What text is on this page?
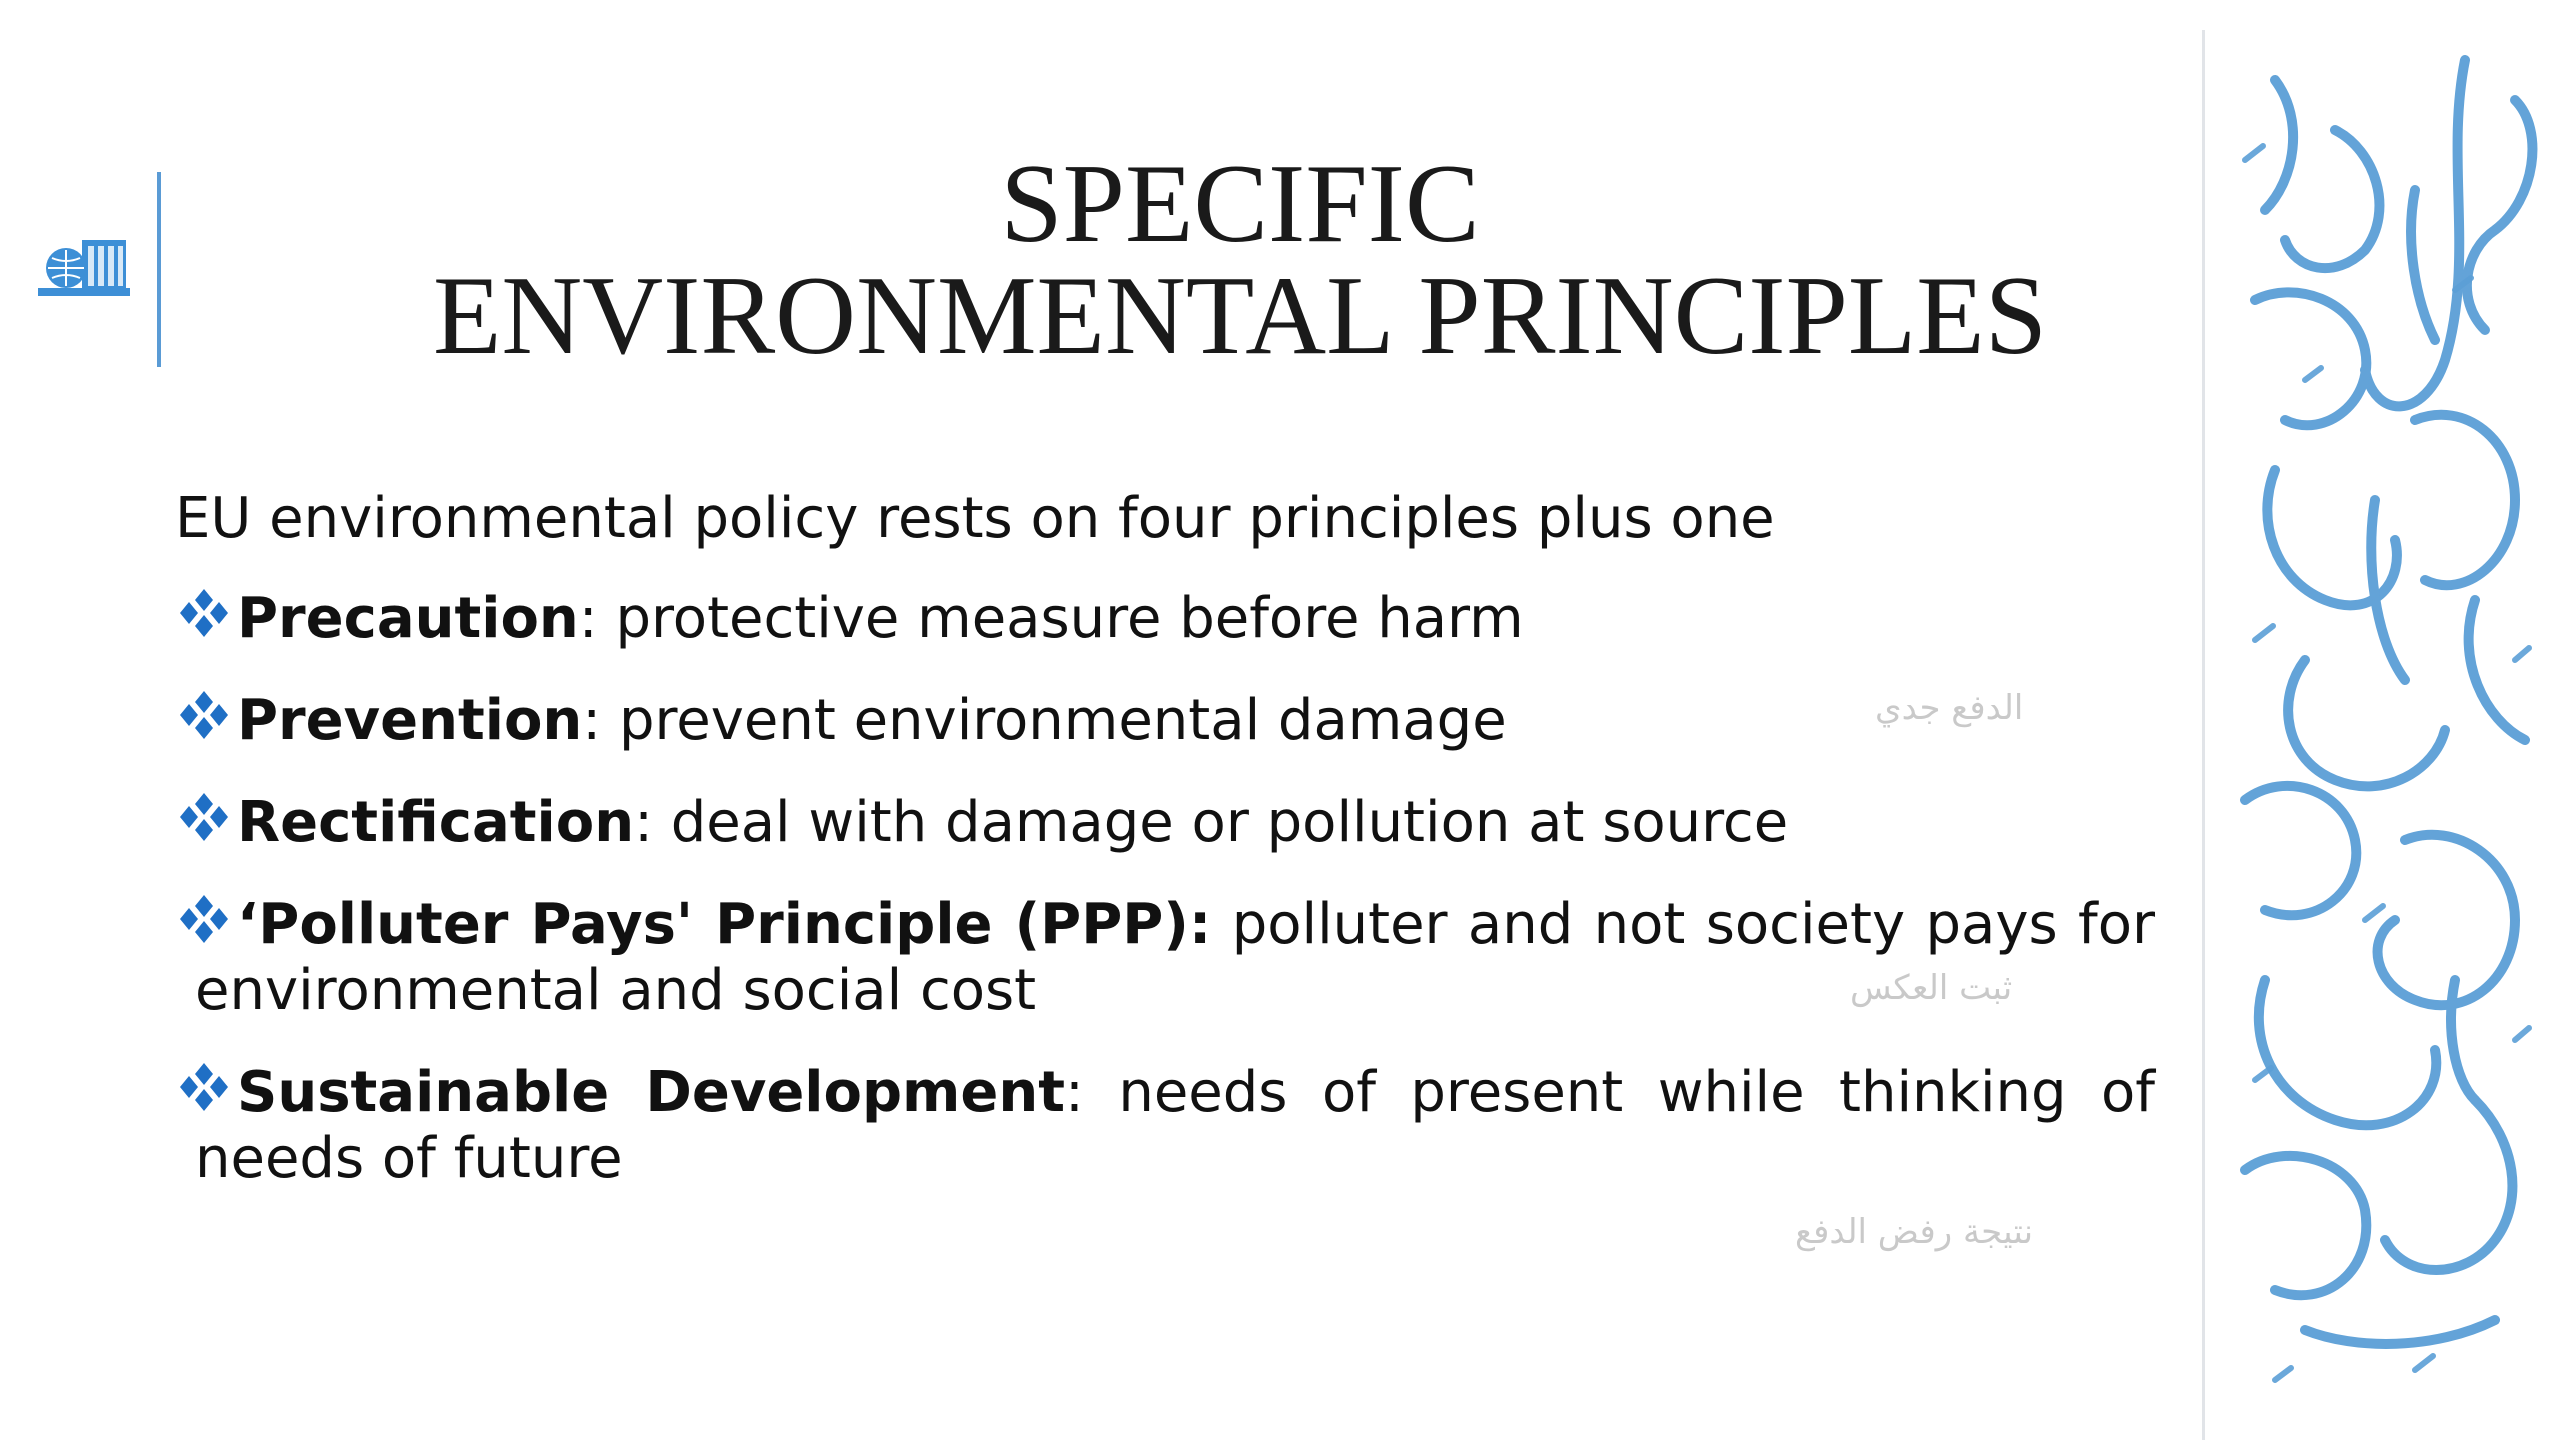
SPECIFIC
ENVIRONMENTAL PRINCIPLES

EU environmental policy rests on four principles plus one

Precaution: protective measure before harm
Prevention: prevent environmental damage
Rectification: deal with damage or pollution at source
‘Polluter Pays' Principle (PPP): polluter and not society pays for
environmental and social cost
Sustainable Development: needs of present while thinking of
needs of future
الدفع جدي
ثبت العكس
نتيجة رفض الدفع
